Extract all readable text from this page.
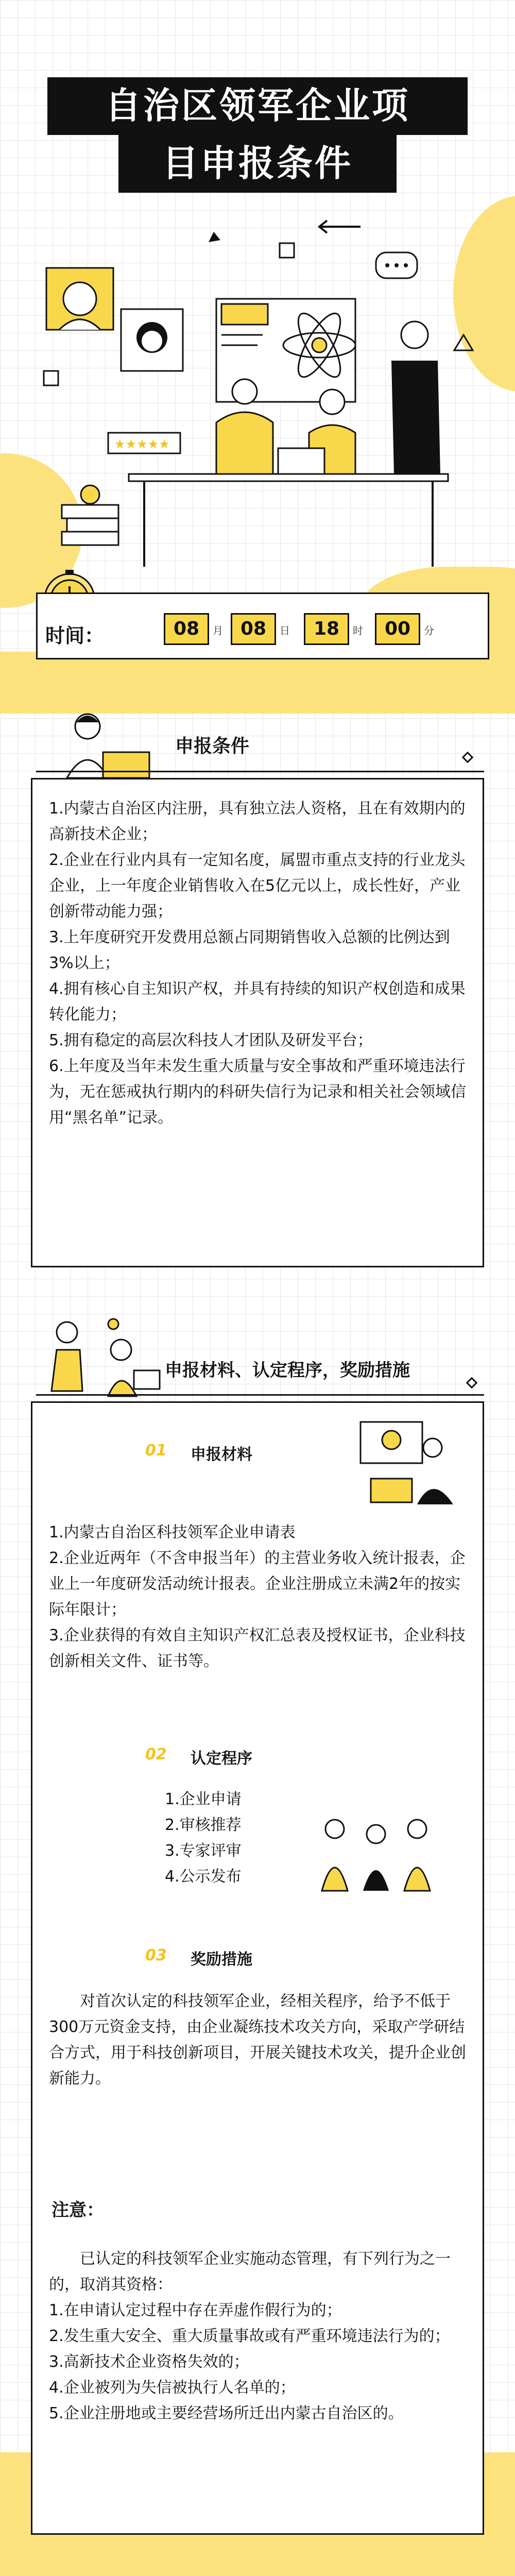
自治区领军企业项
目申报条件
★★★★★
时间：	08	月 08	日	18	时	00	分
申报条件
1.内蒙古自治区内注册，具有独立法人资格，且在有效期内的高新技术企业；
2.企业在行业内具有一定知名度，属盟市重点支持的行业龙头企业，上一年度企业销售收入在5亿元以上，成长性好，产业创新带动能力强；
3.上年度研究开发费用总额占同期销售收入总额的比例达到3%以上；
4.拥有核心自主知识产权，并具有持续的知识产权创造和成果转化能力；
5.拥有稳定的高层次科技人才团队及研发平台；
6.上年度及当年未发生重大质量与安全事故和严重环境违法行为，无在惩戒执行期内的科研失信行为记录和相关社会领域信用“黑名单”记录。
申报材料、认定程序，奖励措施
01 申报材料
1.内蒙古自治区科技领军企业申请表
2.企业近两年（不含申报当年）的主营业务收入统计报表，企业上一年度研发活动统计报表。企业注册成立未满2年的按实际年限计；
3.企业获得的有效自主知识产权汇总表及授权证书，企业科技创新相关文件、证书等。
02 认定程序
1.企业申请
2.审核推荐
3.专家评审
4.公示发布
03 奖励措施
对首次认定的科技领军企业，经相关程序，给予不低于300万元资金支持，由企业凝练技术攻关方向，采取产学研结合方式，用于科技创新项目，开展关键技术攻关，提升企业创新能力。
注意：
已认定的科技领军企业实施动态管理，有下列行为之一的，取消其资格：
1.在申请认定过程中存在弄虚作假行为的；
2.发生重大安全、重大质量事故或有严重环境违法行为的；
3.高新技术企业资格失效的；
4.企业被列为失信被执行人名单的；
5.企业注册地或主要经营场所迁出内蒙古自治区的。
